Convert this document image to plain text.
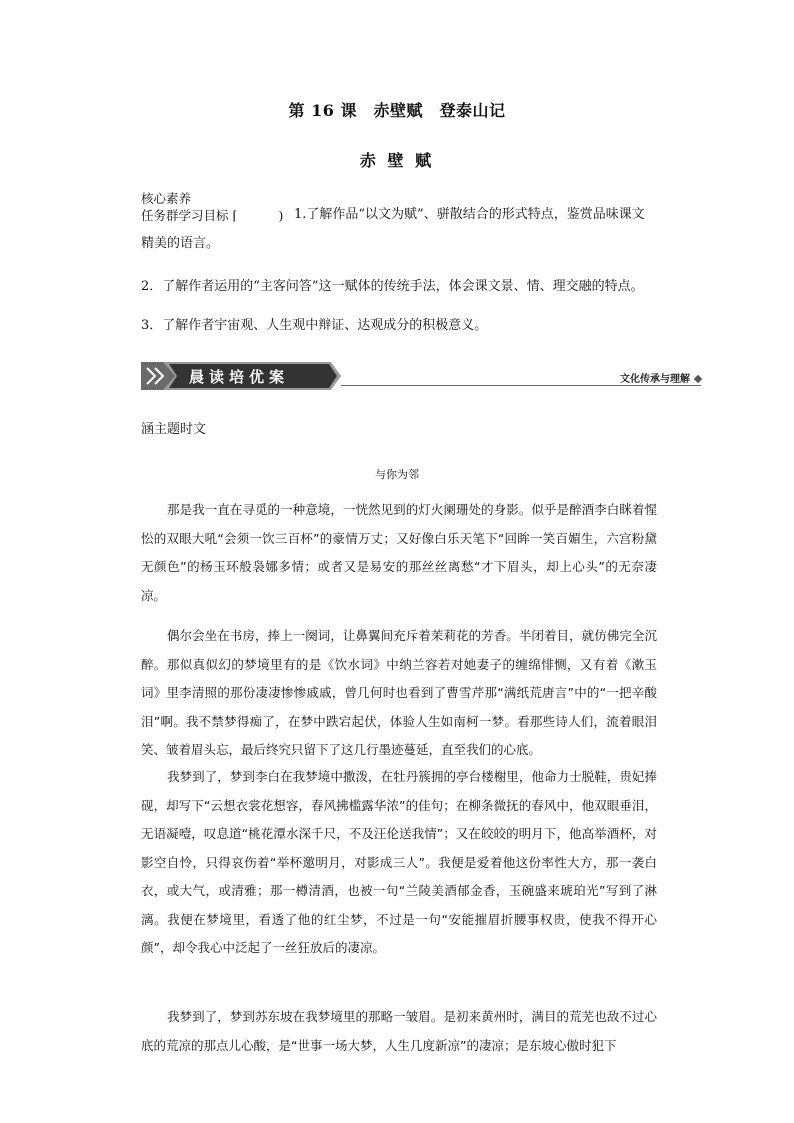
第 16 课　赤壁赋　登泰山记
赤 壁 赋
核心素养
任务群学习目标 ⌈	) 1.了解作品“以文为赋”、骈散结合的形式特点，鉴赏品味课文
精美的语言。
2．了解作者运用的“主客问答”这一赋体的传统手法，体会课文景、情、理交融的特点。
3．了解作者宇宙观、人生观中辩证、达观成分的积极意义。
晨读培优案	文化传承与理解
涵主题时文
与你为邻

那是我一直在寻觅的一种意境，一恍然见到的灯火阑珊处的身影。似乎是醉酒李白眯着惺忪的双眼大吼“会须一饮三百杯”的豪情万丈；又好像白乐天笔下“回眸一笑百媚生，六宫粉黛无颜色”的杨玉环般袅娜多情；或者又是易安的那丝丝离愁“才下眉头，却上心头”的无奈凄凉。

偶尔会坐在书房，捧上一阕词，让鼻翼间充斥着茉莉花的芳香。半闭着目，就仿佛完全沉醉。那似真似幻的梦境里有的是《饮水词》中纳兰容若对她妻子的缠绵悱恻，又有着《漱玉词》里李清照的那份凄凄惨惨戚戚，曾几何时也看到了曹雪芹那“满纸荒唐言”中的“一把辛酸泪”啊。我不禁梦得痴了，在梦中跌宕起伏，体验人生如南柯一梦。看那些诗人们，流着眼泪笑、皱着眉头忘，最后终究只留下了这几行墨迹蔓延，直至我们的心底。

我梦到了，梦到李白在我梦境中撒泼，在牡丹簇拥的亭台楼榭里，他命力士脱鞋，贵妃捧砚，却写下“云想衣裳花想容，春风拂槛露华浓”的佳句；在柳条微抚的春风中，他双眼垂泪，无语凝噎，叹息道“桃花潭水深千尺，不及汪伦送我情”；又在皎皎的明月下，他高举酒杯，对影空自怜，只得哀伤着“举杯邀明月，对影成三人”。我便是爱着他这份率性大方，那一袭白衣，或大气，或清雅；那一樽清酒，也被一句“兰陵美酒郁金香，玉碗盛来琥珀光”写到了淋漓。我便在梦境里，看透了他的红尘梦，不过是一句“安能摧眉折腰事权贵，使我不得开心颜”，却令我心中泛起了一丝狂放后的凄凉。

我梦到了，梦到苏东坡在我梦境里的那略一皱眉。是初来黄州时，满目的荒芜也敌不过心底的荒凉的那点儿心酸，是“世事一场大梦，人生几度新凉”的凄凉；是东坡心傲时犯下
